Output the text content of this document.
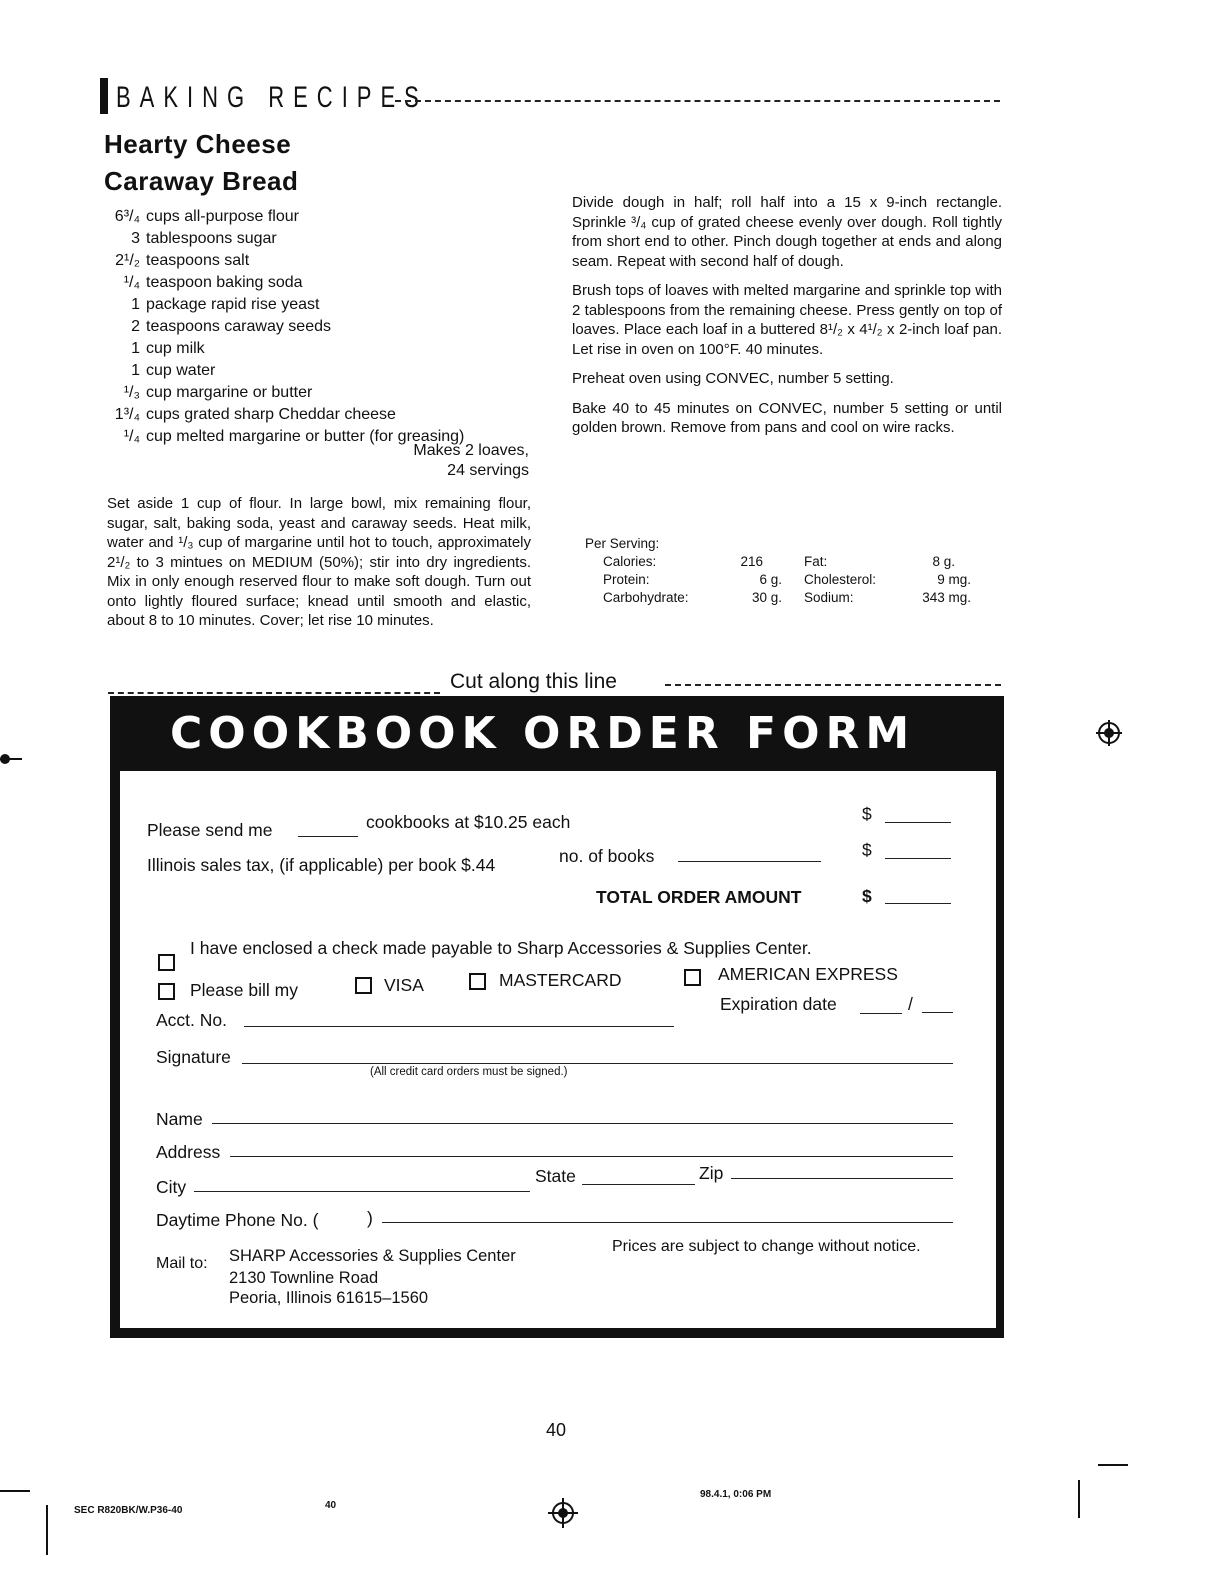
BAKING RECIPES
Hearty Cheese
Caraway Bread
6³/₄ cups all-purpose flour
3 tablespoons sugar
2¹/₂ teaspoons salt
¹/₄ teaspoon baking soda
1 package rapid rise yeast
2 teaspoons caraway seeds
1 cup milk
1 cup water
¹/₃ cup margarine or butter
1³/₄ cups grated sharp Cheddar cheese
¹/₄ cup melted margarine or butter (for greasing)
Makes 2 loaves,
24 servings
Set aside 1 cup of flour. In large bowl, mix remaining flour, sugar, salt, baking soda, yeast and caraway seeds. Heat milk, water and ¹/₃ cup of margarine until hot to touch, approximately 2¹/₂ to 3 mintues on MEDIUM (50%); stir into dry ingredients. Mix in only enough reserved flour to make soft dough. Turn out onto lightly floured surface; knead until smooth and elastic, about 8 to 10 minutes. Cover; let rise 10 minutes.

Divide dough in half; roll half into a 15 x 9-inch rectangle. Sprinkle ³/₄ cup of grated cheese evenly over dough. Roll tightly from short end to other. Pinch dough together at ends and along seam. Repeat with second half of dough.

Brush tops of loaves with melted margarine and sprinkle top with 2 tablespoons from the remaining cheese. Press gently on top of loaves. Place each loaf in a buttered 8¹/₂ x 4¹/₂ x 2-inch loaf pan. Let rise in oven on 100°F. 40 minutes.

Preheat oven using CONVEC, number 5 setting.

Bake 40 to 45 minutes on CONVEC, number 5 setting or until golden brown. Remove from pans and cool on wire racks.

Per Serving:
Calories:	216	Fat:	8 g.
Protein:	6 g. Cholesterol:	9 mg.
Carbohydrate:	30 g. Sodium:	343 mg.
Cut along this line
COOKBOOK ORDER FORM
Please send me	cookbooks at $10.25 each	$
Illinois sales tax, (if applicable) per book $.44	no. of books	$
TOTAL ORDER AMOUNT	$
I have enclosed a check made payable to Sharp Accessories & Supplies Center.
Please bill my	VISA	MASTERCARD	AMERICAN EXPRESS
Expiration date	/
Acct. No.
Signature
(All credit card orders must be signed.)
Name
Address
City
State	Zip
Daytime Phone No. (	)
Mail to: SHARP Accessories & Supplies Center
2130 Townline Road
Peoria, Illinois 61615–1560
Prices are subject to change without notice.
40
SEC R820BK/W.P36-40	40
98.4.1, 0:06 PM
